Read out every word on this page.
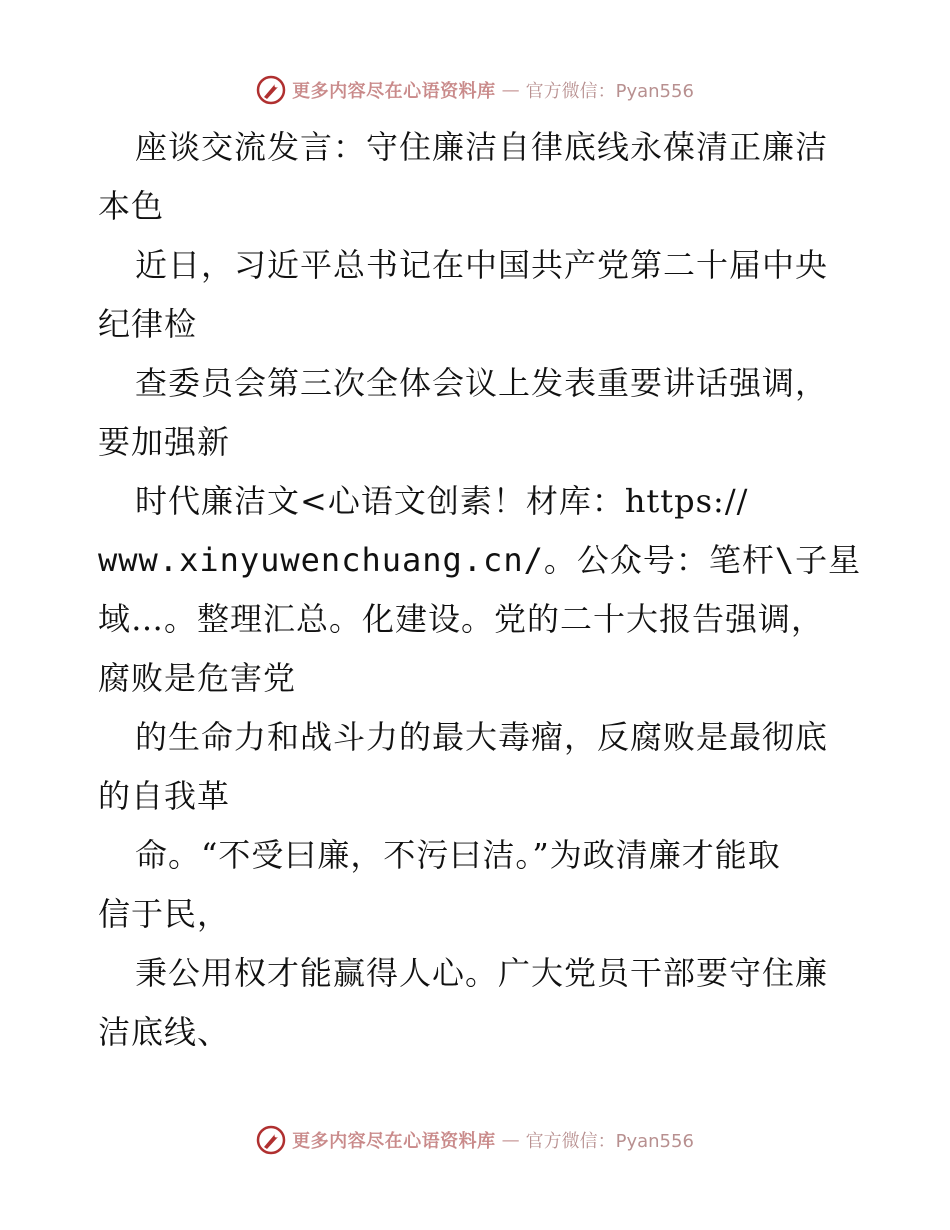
更多内容尽在心语资料库 — 官方微信：Pyan556
座谈交流发言：守住廉洁自律底线永葆清正廉洁
本色
近日，习近平总书记在中国共产党第二十届中央
纪律检
查委员会第三次全体会议上发表重要讲话强调，
要加强新
时代廉洁文<心语文创素！材库：https://
www.xinyuwenchuang.cn/。公众号：笔杆\子星
域…。整理汇总。化建设。党的二十大报告强调，
腐败是危害党
的生命力和战斗力的最大毒瘤，反腐败是最彻底
的自我革
命。“不受曰廉，不污曰洁。”为政清廉才能取
信于民，
秉公用权才能赢得人心。广大党员干部要守住廉
洁底线、
更多内容尽在心语资料库 — 官方微信：Pyan556
